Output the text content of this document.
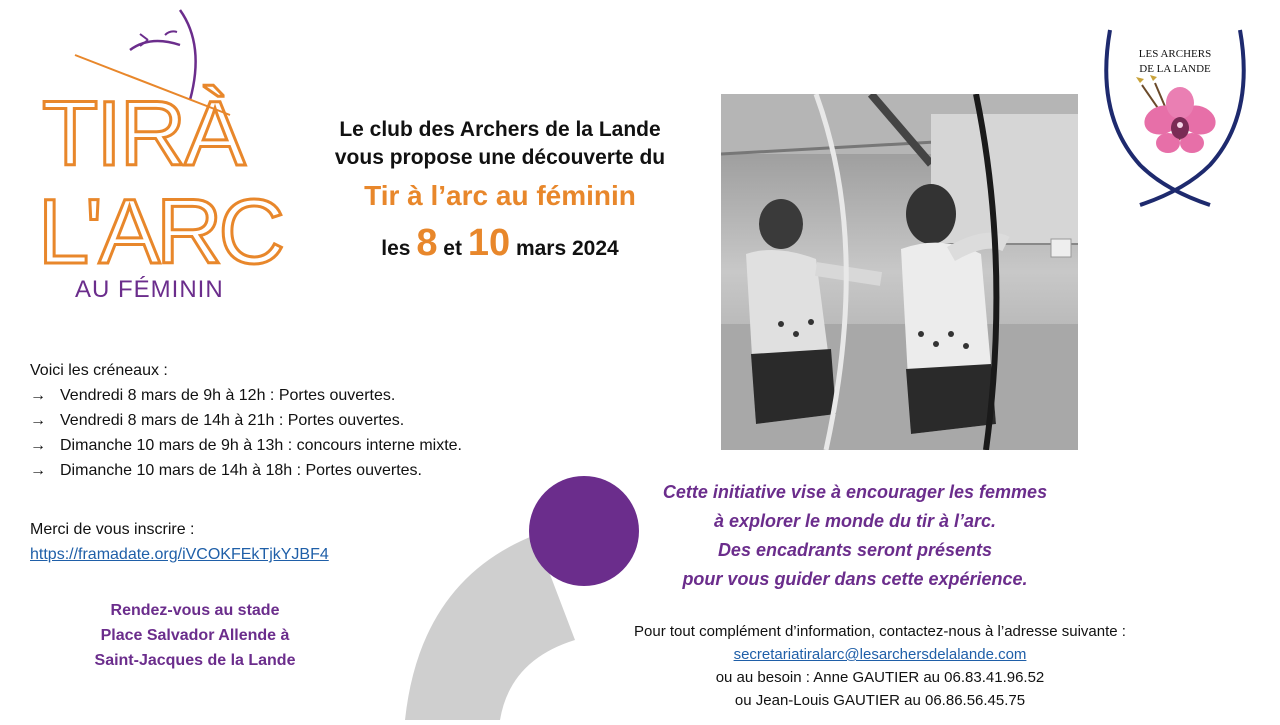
TIRÀ
L'ARC
AU FÉMININ
Le club des Archers de la Lande
vous propose une découverte du
Tir à l’arc au féminin
les 8 et 10 mars 2024
LES ARCHERS
DE LA LANDE
Voici les créneaux :
→ Vendredi 8 mars de 9h à 12h : Portes ouvertes.
→ Vendredi 8 mars de 14h à 21h : Portes ouvertes.
→ Dimanche 10 mars de 9h à 13h : concours interne mixte.
→ Dimanche 10 mars de 14h à 18h : Portes ouvertes.
Merci de vous inscrire :
https://framadate.org/iVCOKFEkTjkYJBF4
Rendez-vous au stade
Place Salvador Allende à
Saint-Jacques de la Lande
Cette initiative vise à encourager les femmes
à explorer le monde du tir à l’arc.
Des encadrants seront présents
pour vous guider dans cette expérience.
Pour tout complément d’information, contactez-nous à l’adresse suivante :
secretariatiralarc@lesarchersdelalande.com
ou au besoin : Anne GAUTIER au 06.83.41.96.52
ou Jean-Louis GAUTIER au 06.86.56.45.75
